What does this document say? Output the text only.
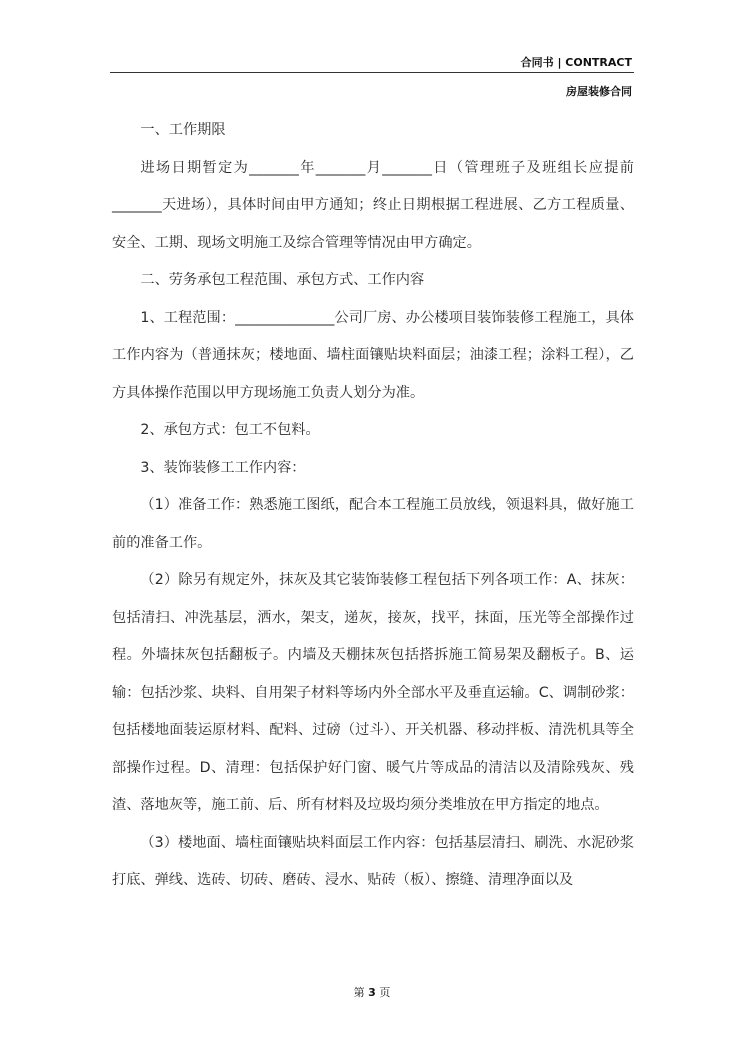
合同书 | CONTRACT
房屋装修合同

一、工作期限

进场日期暂定为_______年_______月_______日（管理班子及班组长应提前_______天进场），具体时间由甲方通知；终止日期根据工程进展、乙方工程质量、安全、工期、现场文明施工及综合管理等情况由甲方确定。

二、劳务承包工程范围、承包方式、工作内容

1、工程范围：______________公司厂房、办公楼项目装饰装修工程施工，具体工作内容为（普通抹灰；楼地面、墙柱面镶贴块料面层；油漆工程；涂料工程），乙方具体操作范围以甲方现场施工负责人划分为准。

2、承包方式：包工不包料。

3、装饰装修工工作内容：

（1）准备工作：熟悉施工图纸，配合本工程施工员放线，领退料具，做好施工前的准备工作。

（2）除另有规定外，抹灰及其它装饰装修工程包括下列各项工作：A、抹灰：包括清扫、冲洗基层，洒水，架支，递灰，接灰，找平，抹面，压光等全部操作过程。外墙抹灰包括翻板子。内墙及天棚抹灰包括搭拆施工简易架及翻板子。B、运输：包括沙浆、块料、自用架子材料等场内外全部水平及垂直运输。C、调制砂浆：包括楼地面装运原材料、配料、过磅（过斗）、开关机器、移动拌板、清洗机具等全部操作过程。D、清理：包括保护好门窗、暖气片等成品的清洁以及清除残灰、残渣、落地灰等，施工前、后、所有材料及垃圾均须分类堆放在甲方指定的地点。

（3）楼地面、墙柱面镶贴块料面层工作内容：包括基层清扫、刷洗、水泥砂浆打底、弹线、选砖、切砖、磨砖、浸水、贴砖（板）、擦缝、清理净面以及

第 3 页
